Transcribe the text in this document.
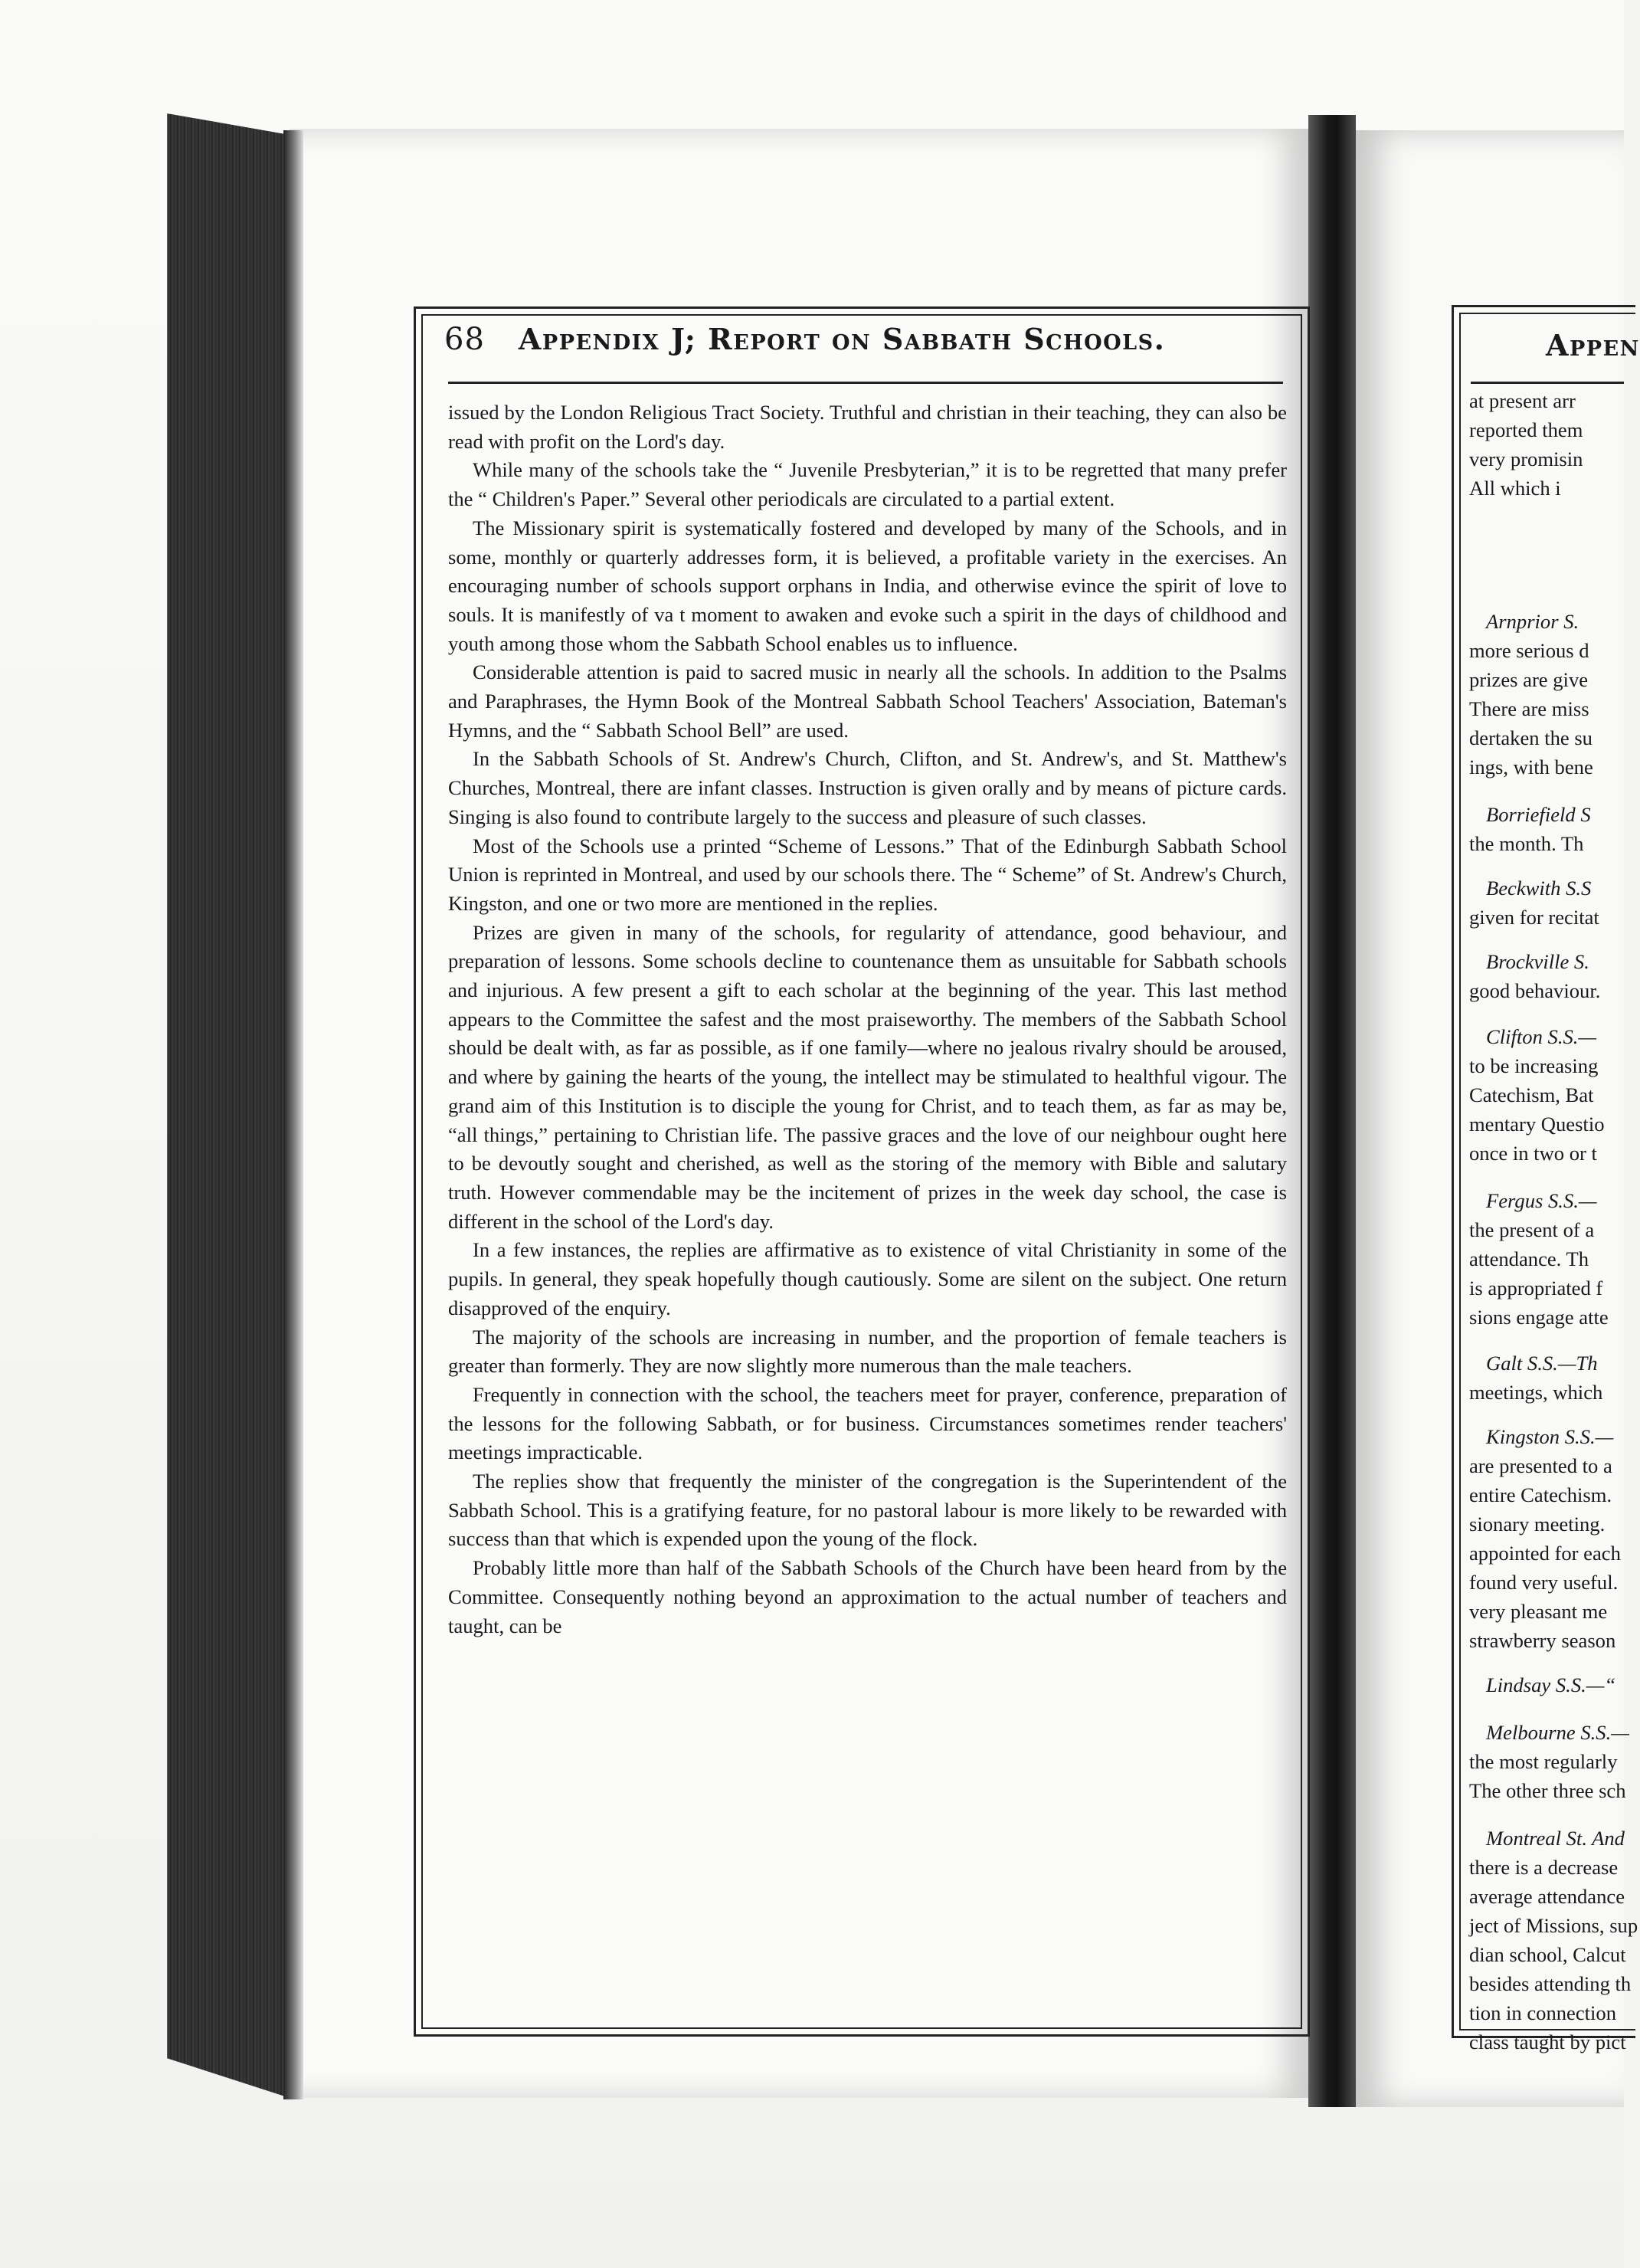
68 Appendix J; Report on Sabbath Schools.

issued by the London Religious Tract Society. Truthful and christian in their teaching, they can also be read with profit on the Lord's day.

While many of the schools take the “ Juvenile Presbyterian,” it is to be regretted that many prefer the “ Children's Paper.” Several other periodicals are circulated to a partial extent.

The Missionary spirit is systematically fostered and developed by many of the Schools, and in some, monthly or quarterly addresses form, it is believed, a profitable variety in the exercises. An encouraging number of schools support orphans in India, and otherwise evince the spirit of love to souls. It is manifestly of va t moment to awaken and evoke such a spirit in the days of childhood and youth among those whom the Sabbath School enables us to influence.

Considerable attention is paid to sacred music in nearly all the schools. In addition to the Psalms and Paraphrases, the Hymn Book of the Montreal Sabbath School Teachers' Association, Bateman's Hymns, and the “ Sabbath School Bell” are used.

In the Sabbath Schools of St. Andrew's Church, Clifton, and St. Andrew's, and St. Matthew's Churches, Montreal, there are infant classes. Instruction is given orally and by means of picture cards. Singing is also found to contribute largely to the success and pleasure of such classes.

Most of the Schools use a printed “Scheme of Lessons.” That of the Edinburgh Sabbath School Union is reprinted in Montreal, and used by our schools there. The “ Scheme” of St. Andrew's Church, Kingston, and one or two more are mentioned in the replies.

Prizes are given in many of the schools, for regularity of attendance, good behaviour, and preparation of lessons. Some schools decline to countenance them as unsuitable for Sabbath schools and injurious. A few present a gift to each scholar at the beginning of the year. This last method appears to the Committee the safest and the most praiseworthy. The members of the Sabbath School should be dealt with, as far as possible, as if one family—where no jealous rivalry should be aroused, and where by gaining the hearts of the young, the intellect may be stimulated to healthful vigour. The grand aim of this Institution is to disciple the young for Christ, and to teach them, as far as may be, “all things,” pertaining to Christian life. The passive graces and the love of our neighbour ought here to be devoutly sought and cherished, as well as the storing of the memory with Bible and salutary truth. However commendable may be the incitement of prizes in the week day school, the case is different in the school of the Lord's day.

In a few instances, the replies are affirmative as to existence of vital Christianity in some of the pupils. In general, they speak hopefully though cautiously. Some are silent on the subject. One return disapproved of the enquiry.

The majority of the schools are increasing in number, and the proportion of female teachers is greater than formerly. They are now slightly more numerous than the male teachers.

Frequently in connection with the school, the teachers meet for prayer, conference, preparation of the lessons for the following Sabbath, or for business. Circumstances sometimes render teachers' meetings impracticable.

The replies show that frequently the minister of the congregation is the Superintendent of the Sabbath School. This is a gratifying feature, for no pastoral labour is more likely to be rewarded with success than that which is expended upon the young of the flock.

Probably little more than half of the Sabbath Schools of the Church have been heard from by the Committee. Consequently nothing beyond an approximation to the actual number of teachers and taught, can be

Appen
at present arr
reported them
very promisin
All which i
Arnprior S.
more serious d
prizes are give
There are miss
dertaken the su
ings, with bene
Borriefield S
the month. Th
Beckwith S.S
given for recitat
Brockville S.
good behaviour.
Clifton S.S.—
to be increasing
Catechism, Bat
mentary Questio
once in two or t
Fergus S.S.—
the present of a
attendance. Th
is appropriated f
sions engage atte
Galt S.S.—Th
meetings, which
Kingston S.S.—
are presented to a
entire Catechism.
sionary meeting.
appointed for each
found very useful.
very pleasant me
strawberry season
Lindsay S.S.—“
Melbourne S.S.—
the most regularly
The other three sch
Montreal St. And
there is a decrease
average attendance
ject of Missions, sup
dian school, Calcut
besides attending th
tion in connection
class taught by pict
